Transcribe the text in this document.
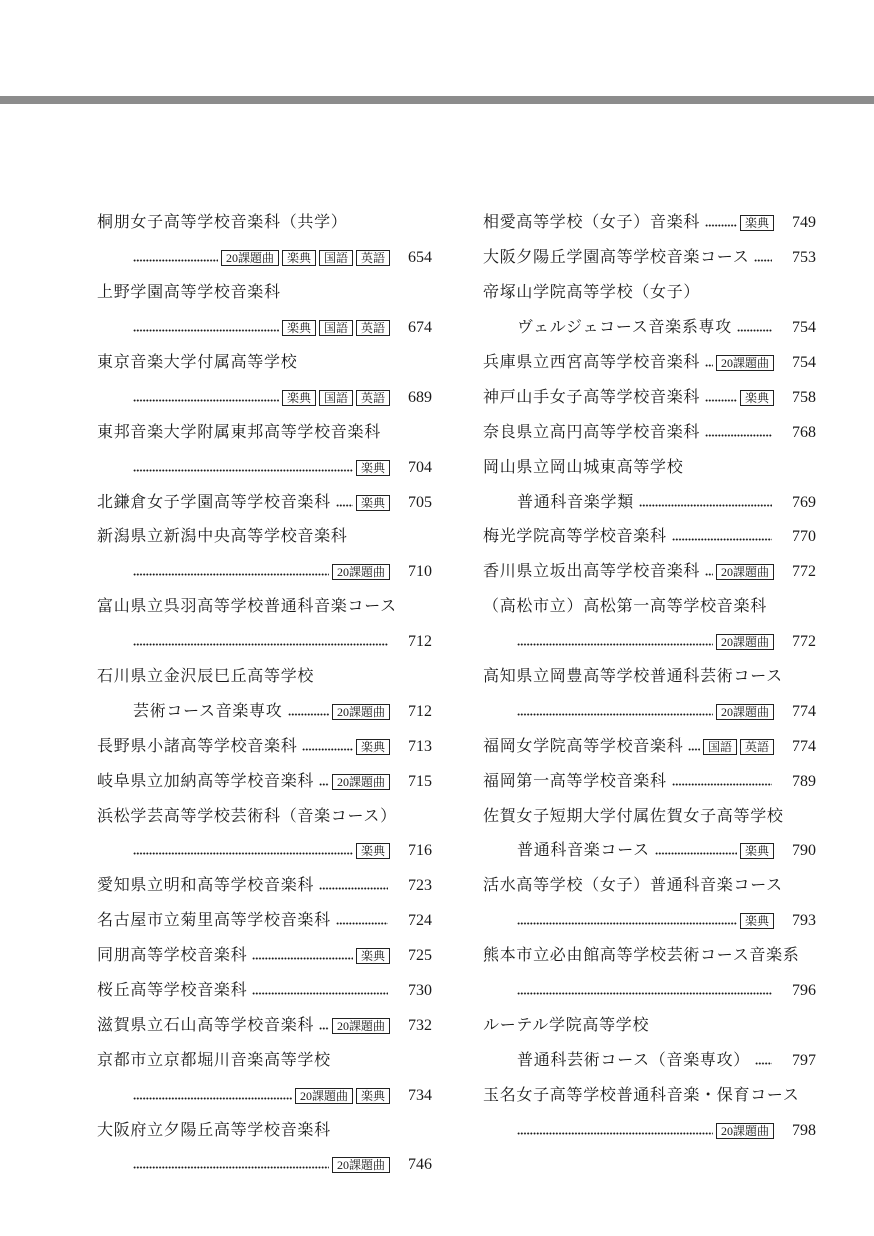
桐朋女子高等学校音楽科（共学）
20課題曲	楽典	国語	英語	654
上野学園高等学校音楽科
楽典	国語	英語	674
東京音楽大学付属高等学校
楽典	国語	英語	689
東邦音楽大学附属東邦高等学校音楽科
楽典	704
北鎌倉女子学園高等学校音楽科	楽典	705
新潟県立新潟中央高等学校音楽科
20課題曲	710
富山県立呉羽高等学校普通科音楽コース
712
石川県立金沢辰巳丘高等学校
芸術コース音楽専攻	20課題曲	712
長野県小諸高等学校音楽科	楽典	713
岐阜県立加納高等学校音楽科	20課題曲	715
浜松学芸高等学校芸術科（音楽コース）
楽典	716
愛知県立明和高等学校音楽科	723
名古屋市立菊里高等学校音楽科	724
同朋高等学校音楽科	楽典	725
桜丘高等学校音楽科	730
滋賀県立石山高等学校音楽科	20課題曲	732
京都市立京都堀川音楽高等学校
20課題曲	楽典	734
大阪府立夕陽丘高等学校音楽科
20課題曲	746
相愛高等学校（女子）音楽科	楽典	749
大阪夕陽丘学園高等学校音楽コース	753
帝塚山学院高等学校（女子）
ヴェルジェコース音楽系専攻	754
兵庫県立西宮高等学校音楽科	20課題曲	754
神戸山手女子高等学校音楽科	楽典	758
奈良県立高円高等学校音楽科	768
岡山県立岡山城東高等学校
普通科音楽学類	769
梅光学院高等学校音楽科	770
香川県立坂出高等学校音楽科	20課題曲	772
（高松市立）高松第一高等学校音楽科
20課題曲	772
高知県立岡豊高等学校普通科芸術コース
20課題曲	774
福岡女学院高等学校音楽科	国語	英語	774
福岡第一高等学校音楽科	789
佐賀女子短期大学付属佐賀女子高等学校
普通科音楽コース	楽典	790
活水高等学校（女子）普通科音楽コース
楽典	793
熊本市立必由館高等学校芸術コース音楽系
796
ルーテル学院高等学校
普通科芸術コース（音楽専攻）	797
玉名女子高等学校普通科音楽・保育コース
20課題曲	798
